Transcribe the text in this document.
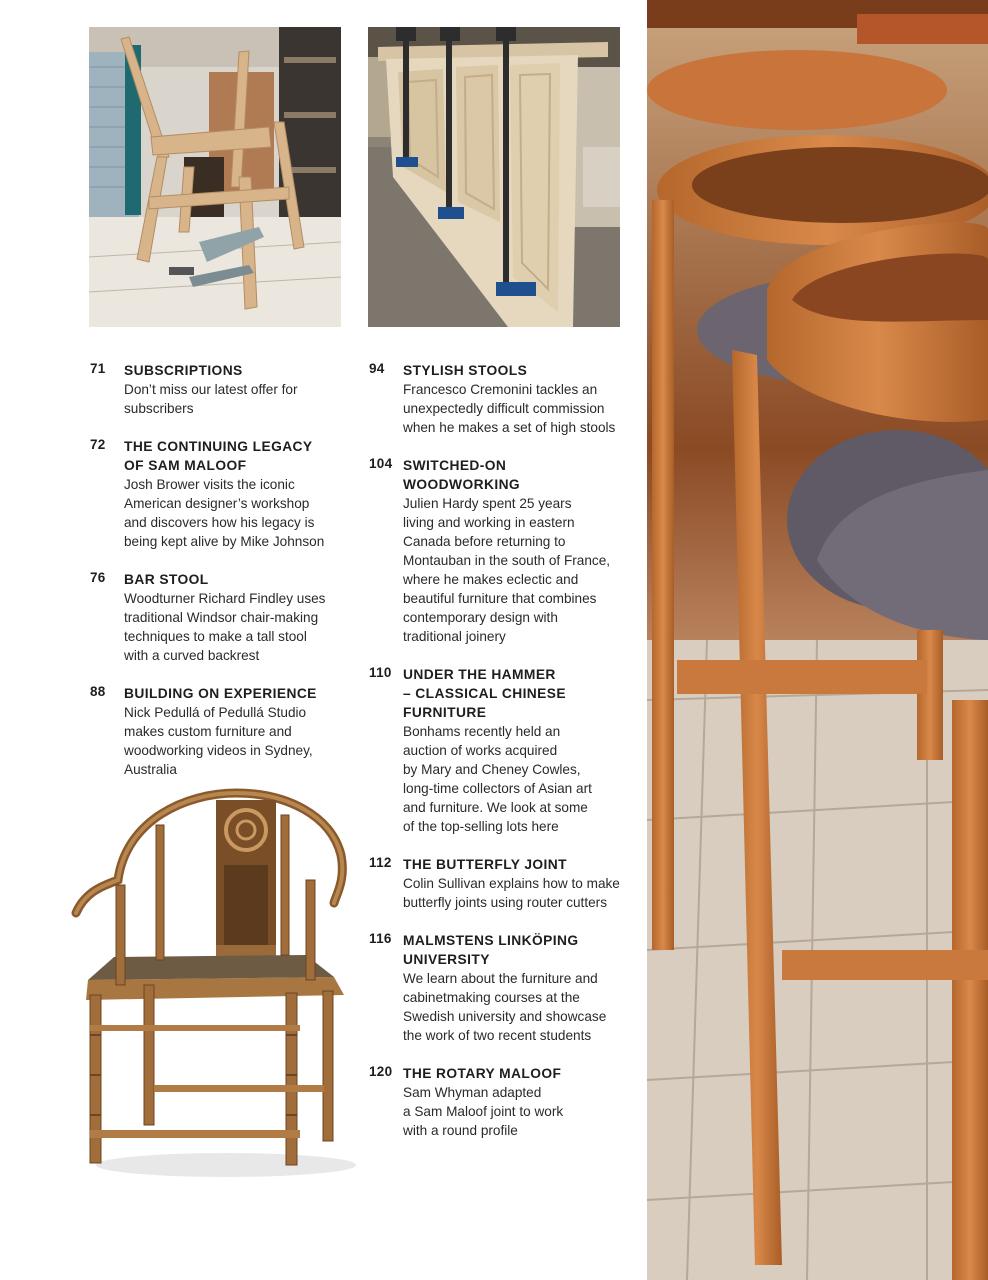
71 SUBSCRIPTIONS
Don’t miss our latest offer for
subscribers
72 THE CONTINUING LEGACY
OF SAM MALOOF
Josh Brower visits the iconic
American designer’s workshop
and discovers how his legacy is
being kept alive by Mike Johnson
76 BAR STOOL
Woodturner Richard Findley uses
traditional Windsor chair-making
techniques to make a tall stool
with a curved backrest
88 BUILDING ON EXPERIENCE
Nick Pedullá of Pedullá Studio
makes custom furniture and
woodworking videos in Sydney,
Australia
94 STYLISH STOOLS
Francesco Cremonini tackles an
unexpectedly difficult commission
when he makes a set of high stools
104 SWITCHED-ON
WOODWORKING
Julien Hardy spent 25 years
living and working in eastern
Canada before returning to
Montauban in the south of France,
where he makes eclectic and
beautiful furniture that combines
contemporary design with
traditional joinery
110 UNDER THE HAMMER
– CLASSICAL CHINESE
FURNITURE
Bonhams recently held an
auction of works acquired
by Mary and Cheney Cowles,
long-time collectors of Asian art
and furniture. We look at some
of the top-selling lots here
112 THE BUTTERFLY JOINT
Colin Sullivan explains how to make
butterfly joints using router cutters
116 MALMSTENS LINKÖPING
UNIVERSITY
We learn about the furniture and
cabinetmaking courses at the
Swedish university and showcase
the work of two recent students
120 THE ROTARY MALOOF
Sam Whyman adapted
a Sam Maloof joint to work
with a round profile
